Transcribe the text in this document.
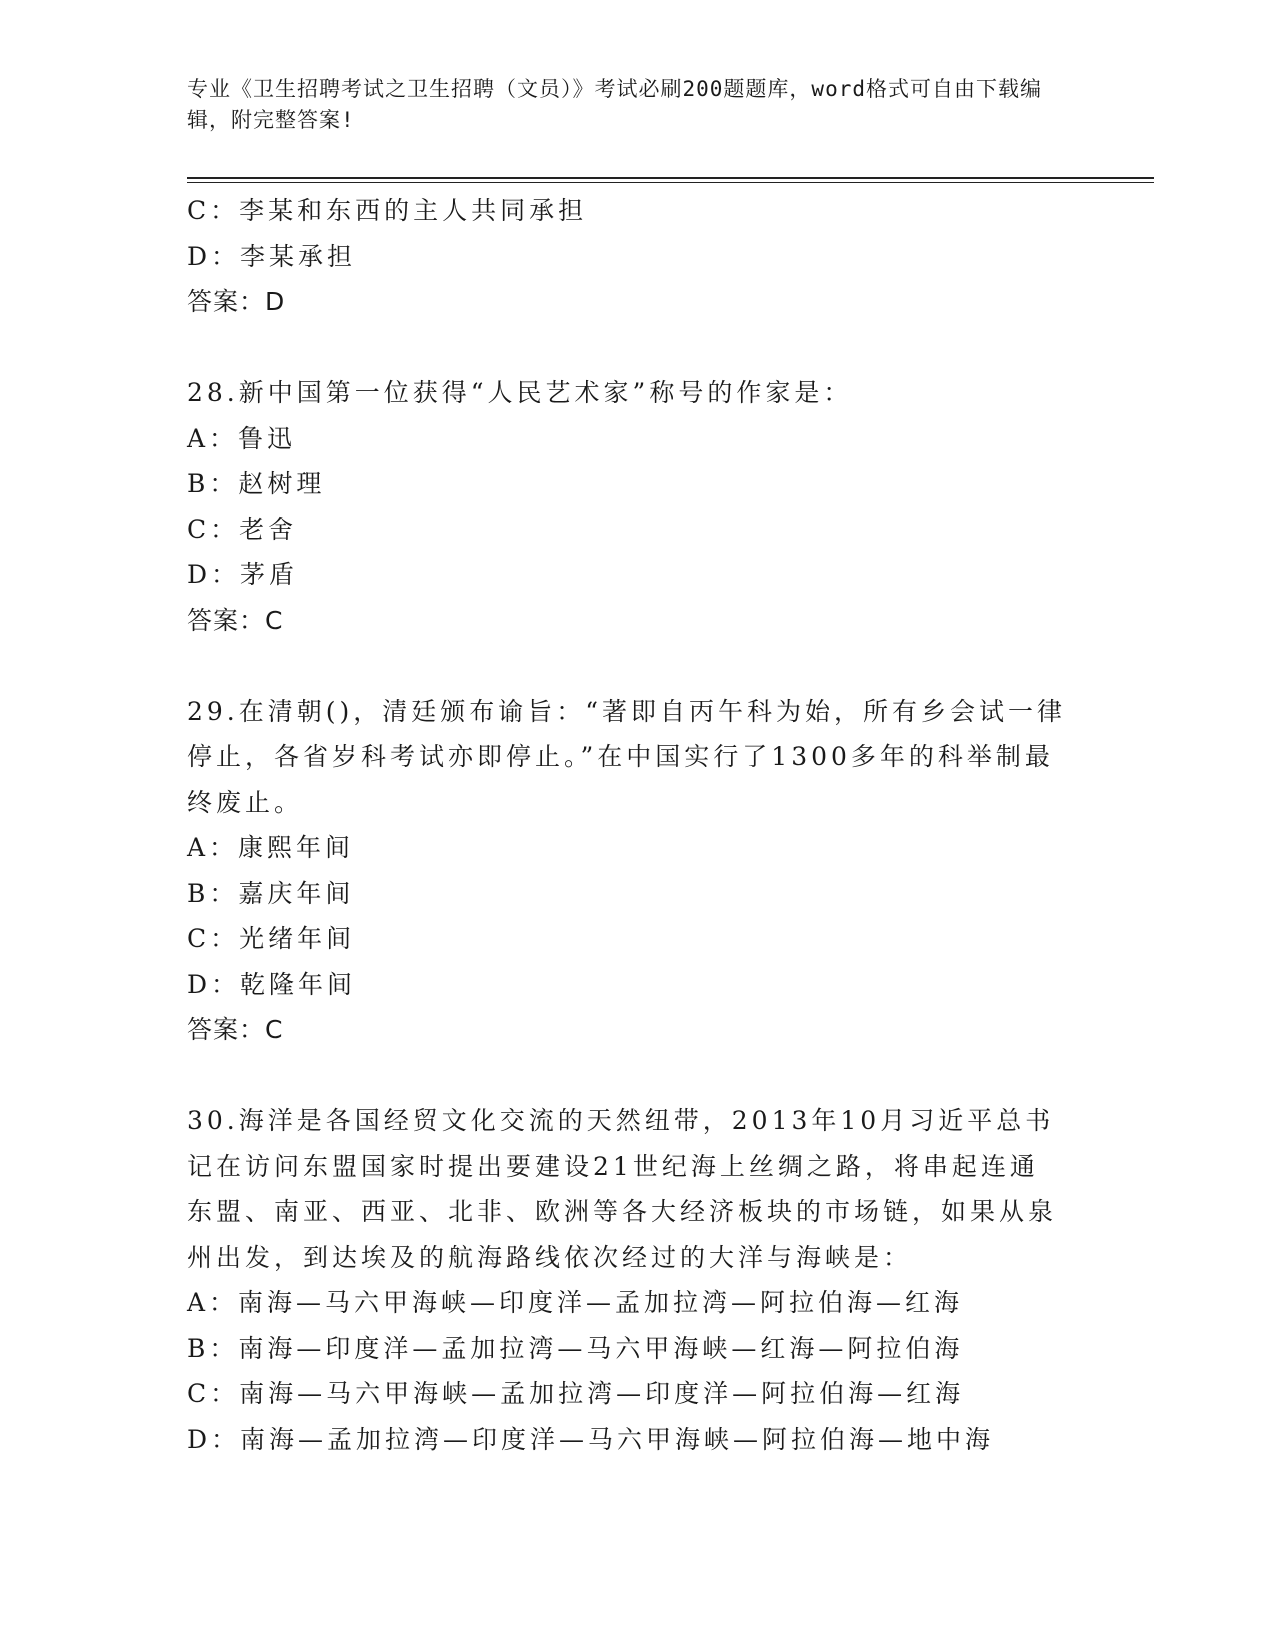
专业《卫生招聘考试之卫生招聘（文员）》考试必刷200题题库，word格式可自由下载编辑，附完整答案!
C：李某和东西的主人共同承担
D：李某承担
答案：D
28.新中国第一位获得“人民艺术家”称号的作家是：
A：鲁迅
B：赵树理
C：老舍
D：茅盾
答案：C
29.在清朝()，清廷颁布谕旨：“著即自丙午科为始，所有乡会试一律停止，各省岁科考试亦即停止。”在中国实行了1300多年的科举制最终废止。
A：康熙年间
B：嘉庆年间
C：光绪年间
D：乾隆年间
答案：C
30.海洋是各国经贸文化交流的天然纽带，2013年10月习近平总书记在访问东盟国家时提出要建设21世纪海上丝绸之路，将串起连通东盟、南亚、西亚、北非、欧洲等各大经济板块的市场链，如果从泉州出发，到达埃及的航海路线依次经过的大洋与海峡是：
A：南海—马六甲海峡—印度洋—孟加拉湾—阿拉伯海—红海
B：南海—印度洋—孟加拉湾—马六甲海峡—红海—阿拉伯海
C：南海—马六甲海峡—孟加拉湾—印度洋—阿拉伯海—红海
D：南海—孟加拉湾—印度洋—马六甲海峡—阿拉伯海—地中海
